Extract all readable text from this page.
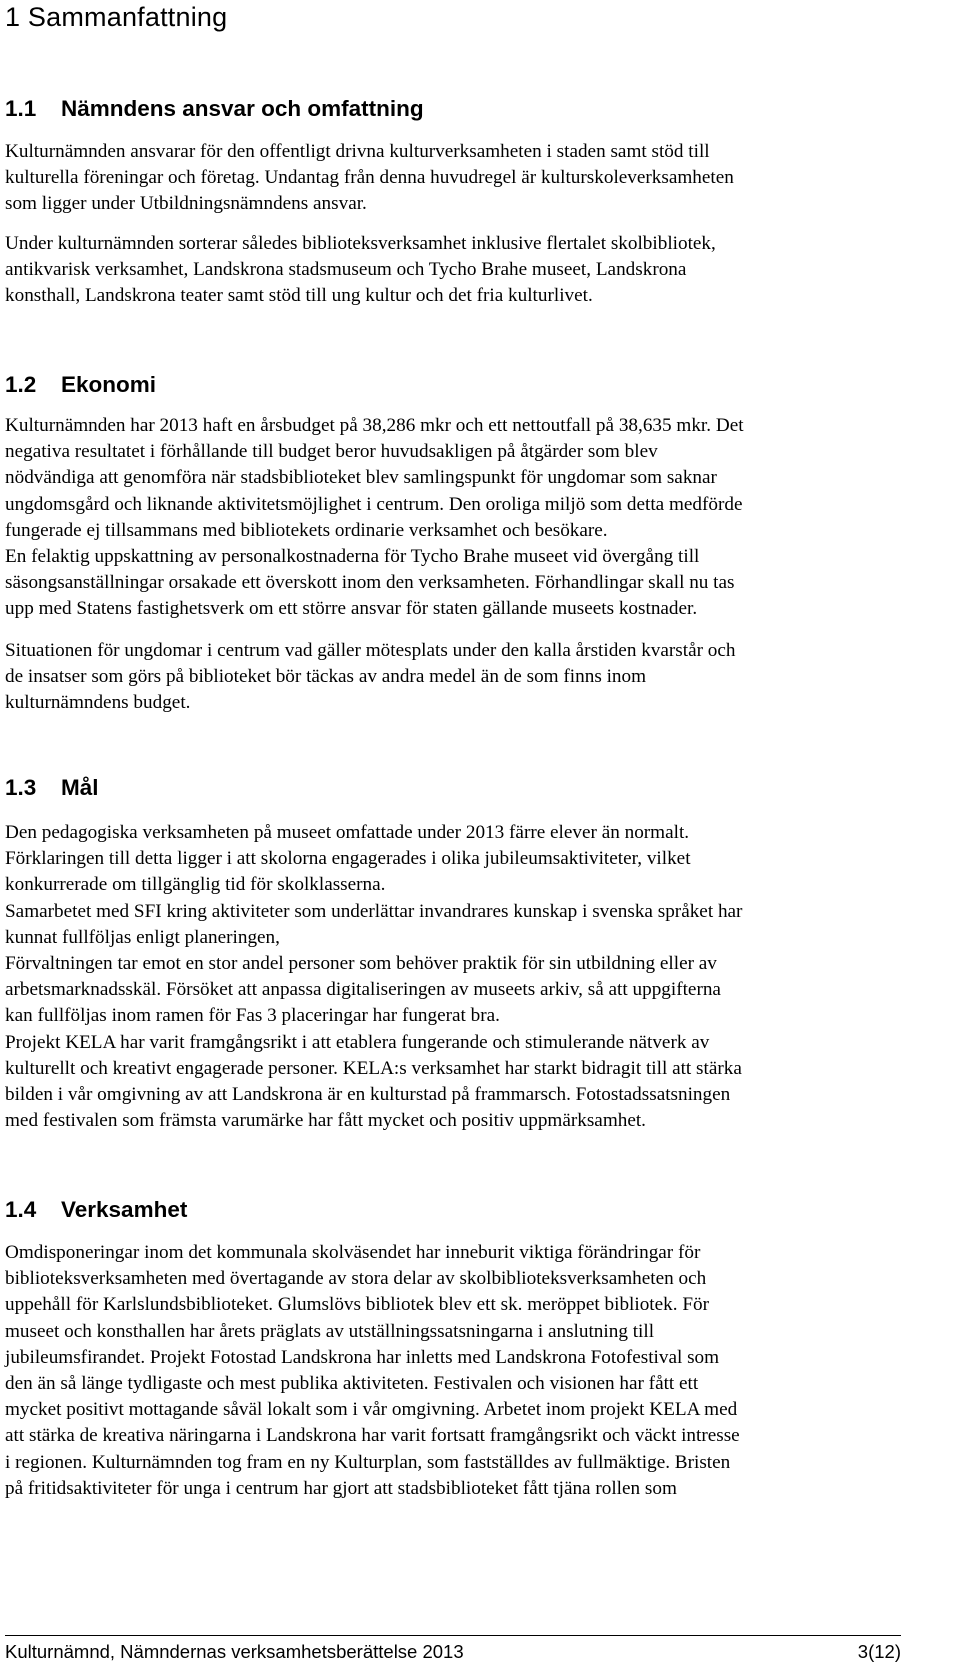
1 Sammanfattning
1.1 Nämndens ansvar och omfattning

Kulturnämnden ansvarar för den offentligt drivna kulturverksamheten i staden samt stöd till

kulturella föreningar och företag. Undantag från denna huvudregel är kulturskoleverksamheten

som ligger under Utbildningsnämndens ansvar.

Under kulturnämnden sorterar således biblioteksverksamhet inklusive flertalet skolbibliotek,

antikvarisk verksamhet, Landskrona stadsmuseum och Tycho Brahe museet, Landskrona

konsthall, Landskrona teater samt stöd till ung kultur och det fria kulturlivet.

1.2 Ekonomi

Kulturnämnden har 2013 haft en årsbudget på 38,286 mkr och ett nettoutfall på 38,635 mkr. Det

negativa resultatet i förhållande till budget beror huvudsakligen på åtgärder som blev

nödvändiga att genomföra när stadsbiblioteket blev samlingspunkt för ungdomar som saknar

ungdomsgård och liknande aktivitetsmöjlighet i centrum. Den oroliga miljö som detta medförde

fungerade ej tillsammans med bibliotekets ordinarie verksamhet och besökare.

En felaktig uppskattning av personalkostnaderna för Tycho Brahe museet vid övergång till

säsongsanställningar orsakade ett överskott inom den verksamheten. Förhandlingar skall nu tas

upp med Statens fastighetsverk om ett större ansvar för staten gällande museets kostnader.

Situationen för ungdomar i centrum vad gäller mötesplats under den kalla årstiden kvarstår och

de insatser som görs på biblioteket bör täckas av andra medel än de som finns inom

kulturnämndens budget.

1.3 Mål

Den pedagogiska verksamheten på museet omfattade under 2013 färre elever än normalt.

Förklaringen till detta ligger i att skolorna engagerades i olika jubileumsaktiviteter, vilket

konkurrerade om tillgänglig tid för skolklasserna.

Samarbetet med SFI kring aktiviteter som underlättar invandrares kunskap i svenska språket har

kunnat fullföljas enligt planeringen,

Förvaltningen tar emot en stor andel personer som behöver praktik för sin utbildning eller av

arbetsmarknadsskäl. Försöket att anpassa digitaliseringen av museets arkiv, så att uppgifterna

kan fullföljas inom ramen för Fas 3 placeringar har fungerat bra.

Projekt KELA har varit framgångsrikt i att etablera fungerande och stimulerande nätverk av

kulturellt och kreativt engagerade personer. KELA:s verksamhet har starkt bidragit till att stärka

bilden i vår omgivning av att Landskrona är en kulturstad på frammarsch. Fotostadssatsningen

med festivalen som främsta varumärke har fått mycket och positiv uppmärksamhet.

1.4 Verksamhet

Omdisponeringar inom det kommunala skolväsendet har inneburit viktiga förändringar för

biblioteksverksamheten med övertagande av stora delar av skolbiblioteksverksamheten och

uppehåll för Karlslundsbiblioteket. Glumslövs bibliotek blev ett sk. meröppet bibliotek. För

museet och konsthallen har årets präglats av utställningssatsningarna i anslutning till

jubileumsfirandet. Projekt Fotostad Landskrona har inletts med Landskrona Fotofestival som

den än så länge tydligaste och mest publika aktiviteten. Festivalen och visionen har fått ett

mycket positivt mottagande såväl lokalt som i vår omgivning. Arbetet inom projekt KELA med

att stärka de kreativa näringarna i Landskrona har varit fortsatt framgångsrikt och väckt intresse

i regionen. Kulturnämnden tog fram en ny Kulturplan, som fastställdes av fullmäktige. Bristen

på fritidsaktiviteter för unga i centrum har gjort att stadsbiblioteket fått tjäna rollen som

Kulturnämnd, Nämndernas verksamhetsberättelse 2013	3(12)
